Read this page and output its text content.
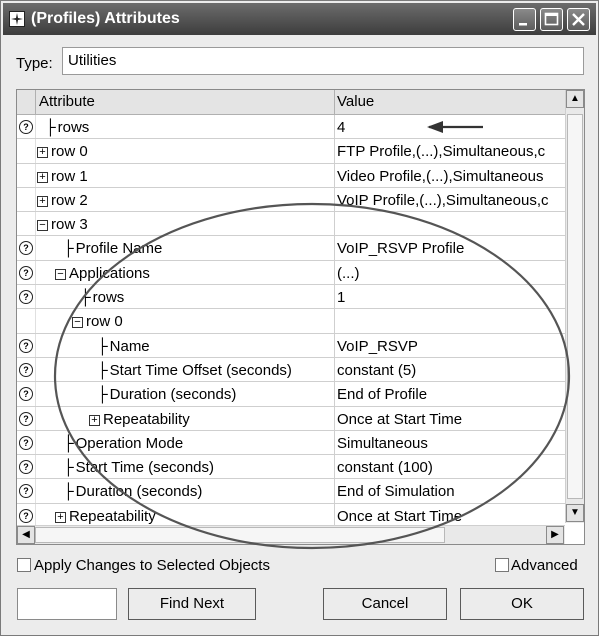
(Profiles) Attributes
Type:	Utilities
Attribute	Value
? ├ rows	4
+ row 0	FTP Profile,(...),Simultaneous,c
+ row 1	Video Profile,(...),Simultaneous
+ row 2	VoIP Profile,(...),Simultaneous,c
− row 3
? ├ Profile Name	VoIP_RSVP Profile
?	− Applications	(...)
?	├ rows	1
− row 0
?	├ Name	VoIP_RSVP
?	├ Start Time Offset (seconds)	constant (5)
?	├ Duration (seconds)	End of Profile
?	+ Repeatability	Once at Start Time
? ├ Operation Mode	Simultaneous
? ├ Start Time (seconds)	constant (100)
? ├ Duration (seconds)	End of Simulation
?	+ Repeatability	Once at Start Time
▲
▼
◀	▶
Apply Changes to Selected Objects	Advanced
Find Next	Cancel	OK
